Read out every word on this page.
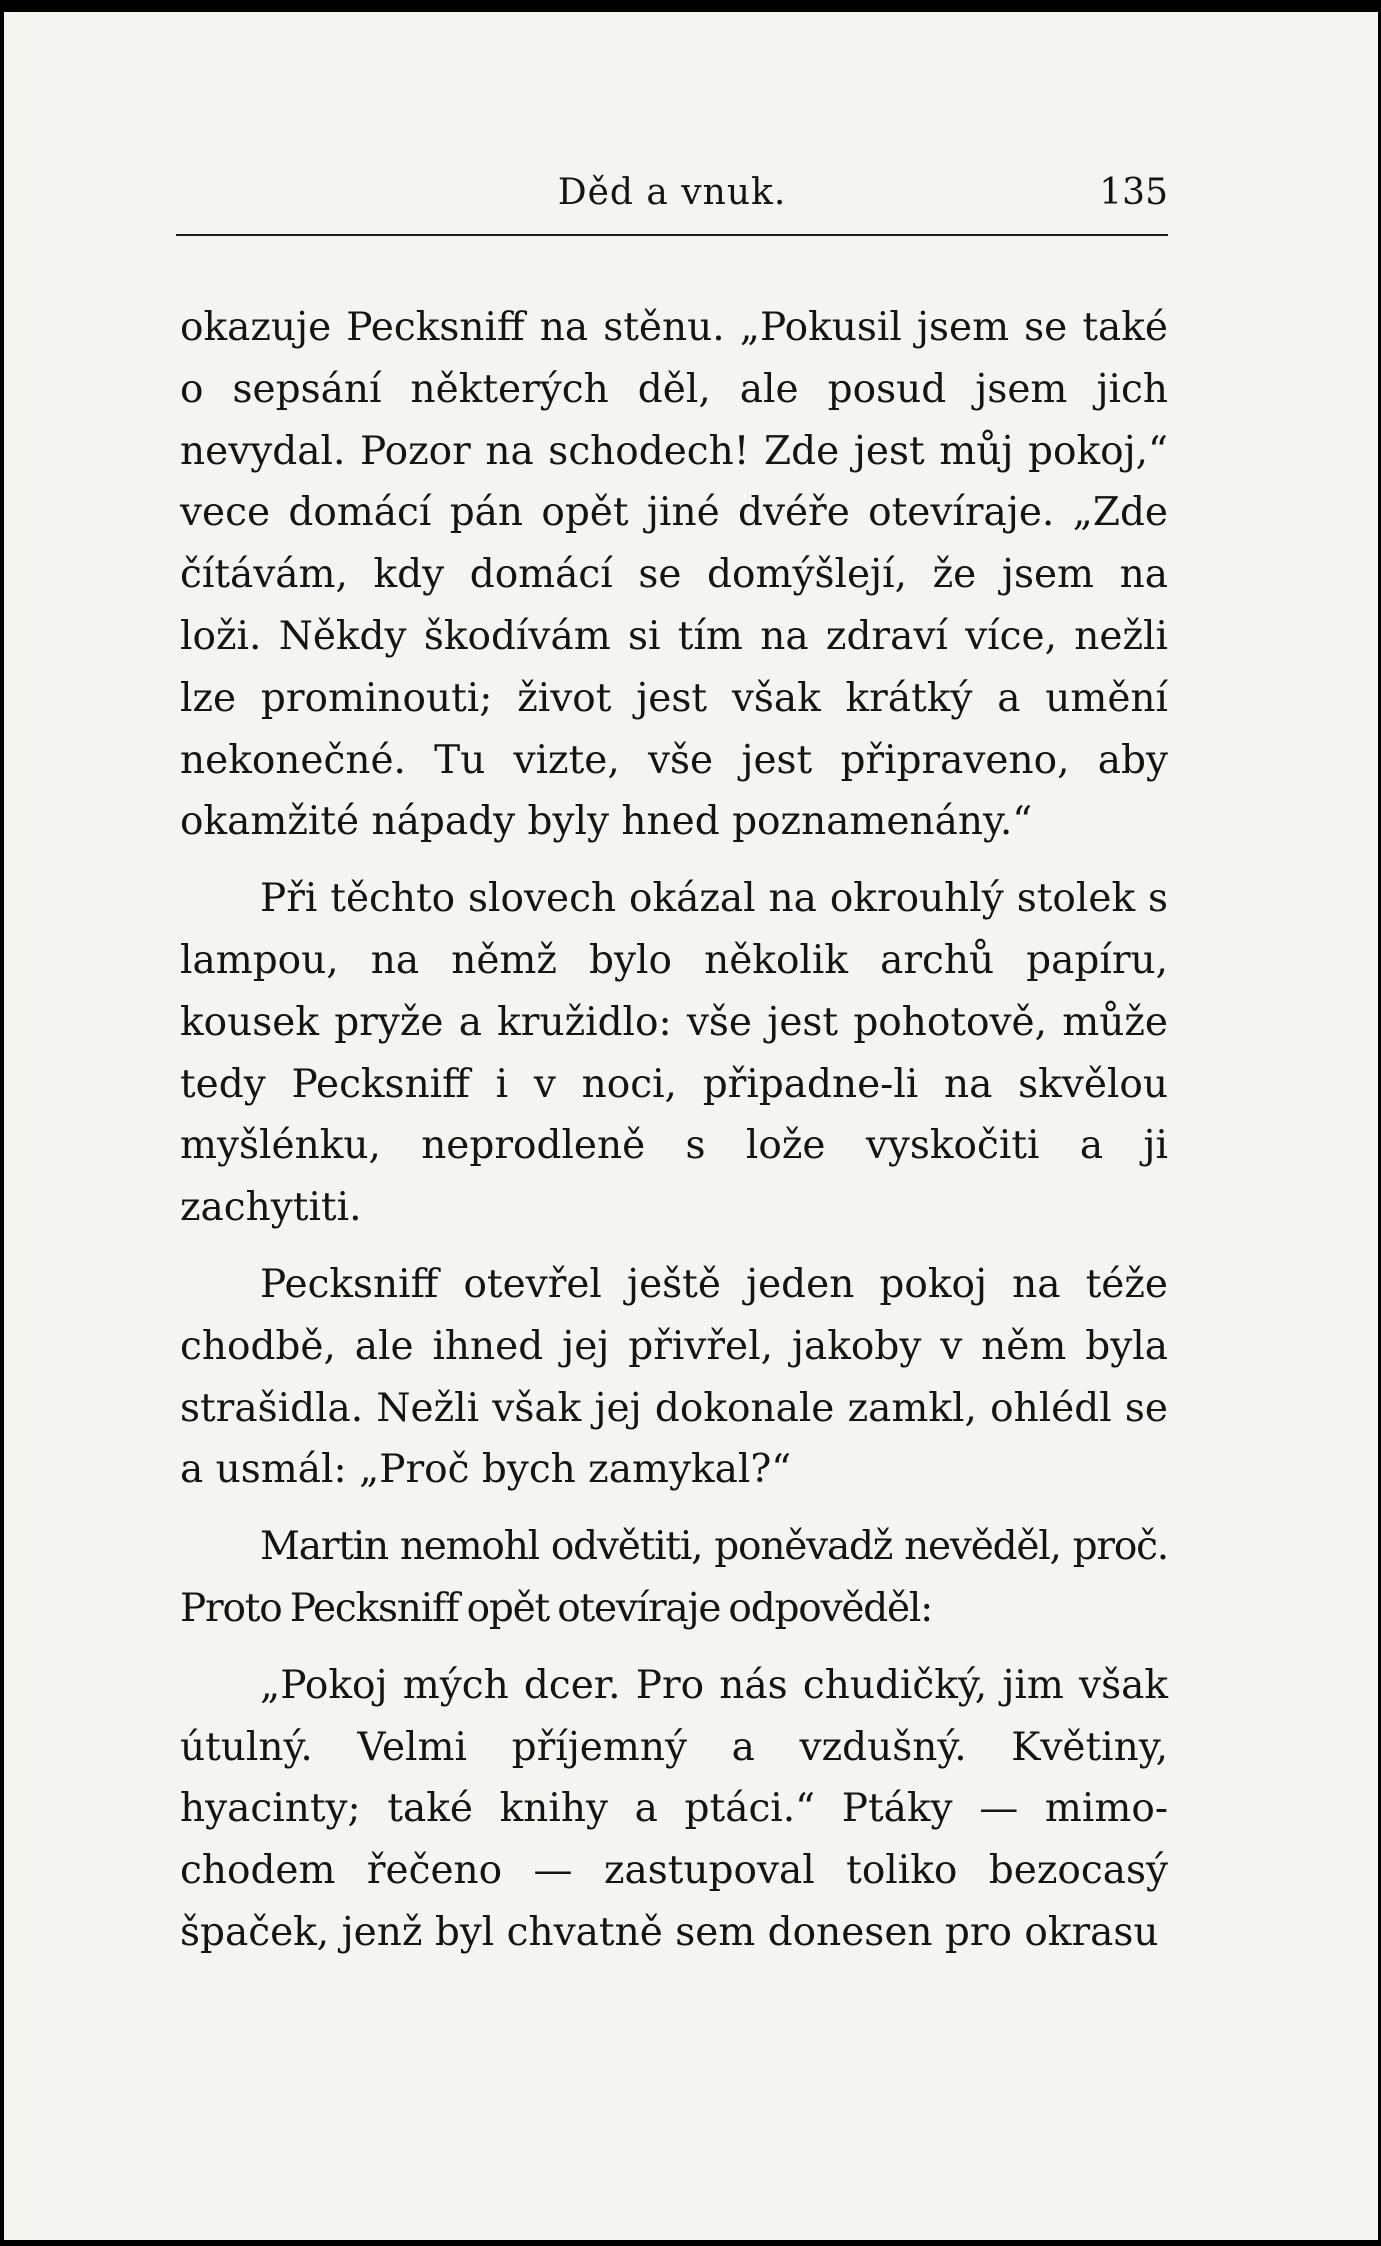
Děd a vnuk.	135

okazuje Pecksniff na stěnu. „Pokusil jsem se také o sepsání některých děl, ale posud jsem jich nevydal. Pozor na schodech! Zde jest můj pokoj,“ vece domácí pán opět jiné dvéře otevíraje. „Zde čítávám, kdy domácí se domýšlejí, že jsem na loži. Někdy škodívám si tím na zdraví více, nežli lze prominouti; život jest však krátký a umění nekonečné. Tu vizte, vše jest připraveno, aby okamžité nápady byly hned poznamenány.“

Při těchto slovech okázal na okrouhlý stolek s lampou, na němž bylo několik archů papíru, kousek pryže a kružidlo: vše jest pohotově, může tedy Pecksniff i v noci, připadne-li na skvělou myšlénku, neprodleně s lože vyskočiti a ji zachytiti.

Pecksniff otevřel ještě jeden pokoj na téže chodbě, ale ihned jej přivřel, jakoby v něm byla strašidla. Nežli však jej dokonale zamkl, ohlédl se a usmál: „Proč bych zamykal?“

Martin nemohl odvětiti, poněvadž nevěděl, proč. Proto Pecksniff opět otevíraje odpověděl:

„Pokoj mých dcer. Pro nás chudičký, jim však útulný. Velmi příjemný a vzdušný. Květiny, hyacinty; také knihy a ptáci.“ Ptáky — mimochodem řečeno — zastupoval toliko bezocasý špaček, jenž byl chvatně sem donesen pro okrasu
